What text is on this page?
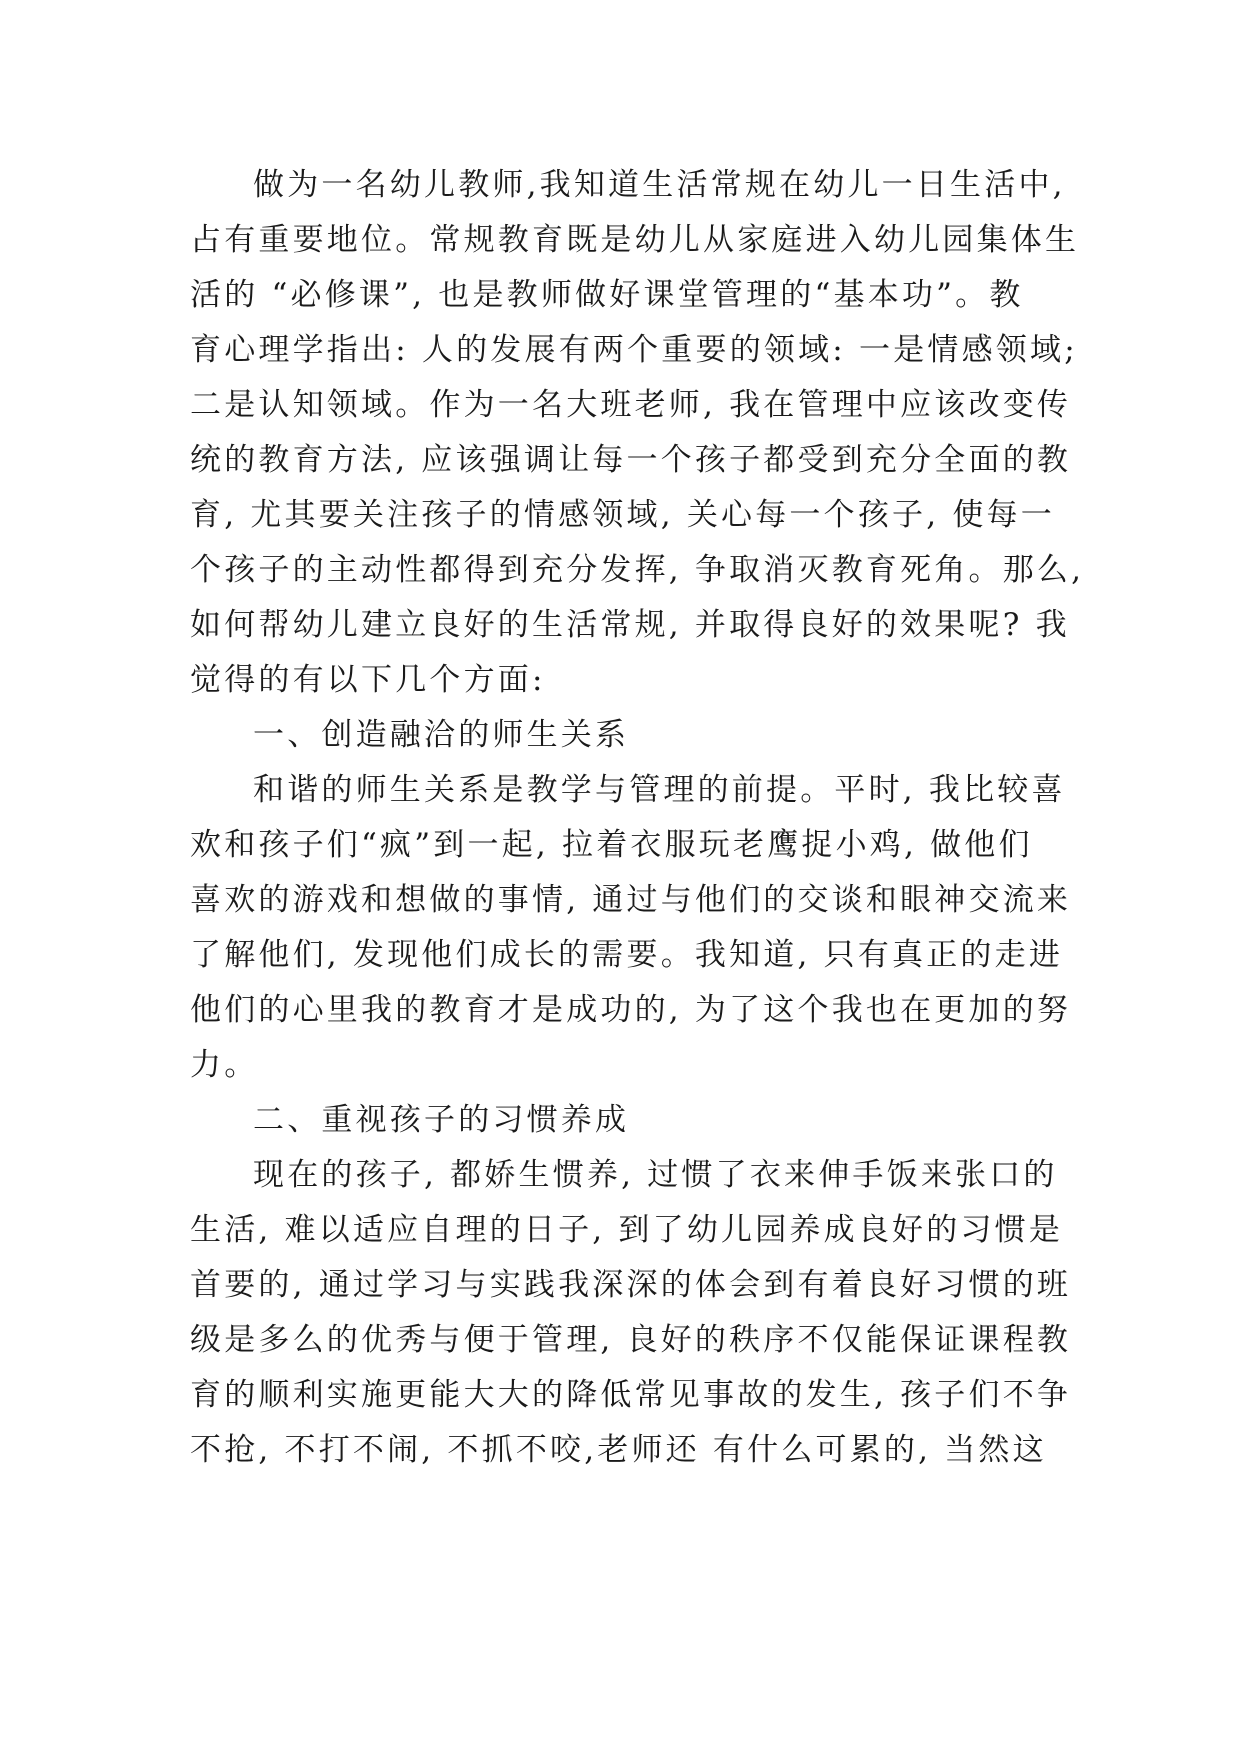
做为一名幼儿教师,我知道生活常规在幼儿一日生活中,
占有重要地位。常规教育既是幼儿从家庭进入幼儿园集体生
活的 “必修课”, 也是教师做好课堂管理的“基本功”。教
育心理学指出: 人的发展有两个重要的领域: 一是情感领域;
二是认知领域。作为一名大班老师, 我在管理中应该改变传
统的教育方法, 应该强调让每一个孩子都受到充分全面的教
育, 尤其要关注孩子的情感领域, 关心每一个孩子, 使每一
个孩子的主动性都得到充分发挥, 争取消灭教育死角。那么,
如何帮幼儿建立良好的生活常规, 并取得良好的效果呢? 我
觉得的有以下几个方面:
一、创造融洽的师生关系
和谐的师生关系是教学与管理的前提。平时, 我比较喜
欢和孩子们“疯”到一起, 拉着衣服玩老鹰捉小鸡, 做他们
喜欢的游戏和想做的事情, 通过与他们的交谈和眼神交流来
了解他们, 发现他们成长的需要。我知道, 只有真正的走进
他们的心里我的教育才是成功的, 为了这个我也在更加的努
力。
二、重视孩子的习惯养成
现在的孩子, 都娇生惯养, 过惯了衣来伸手饭来张口的
生活, 难以适应自理的日子, 到了幼儿园养成良好的习惯是
首要的, 通过学习与实践我深深的体会到有着良好习惯的班
级是多么的优秀与便于管理, 良好的秩序不仅能保证课程教
育的顺利实施更能大大的降低常见事故的发生, 孩子们不争
不抢, 不打不闹, 不抓不咬,老师还 有什么可累的, 当然这
